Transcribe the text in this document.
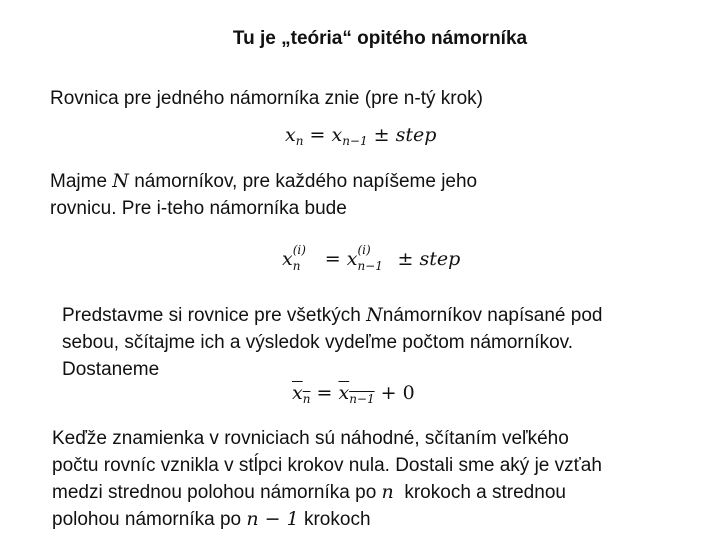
Tu je „teória“ opitého námorníka
Rovnica pre jedného námorníka znie (pre n-tý krok)
$x_n = x_{n-1}$ ± step
Majme N námorníkov, pre každého napíšeme jeho
rovnicu. Pre i-teho námorníka bude
x (i)
n = x (i)
n−1 ± step
Predstavme si rovnice pre všetkých Nnámorníkov napísané pod
sebou, sčítajme ich a výsledok vydeľme počtom námorníkov.
Dostaneme
$x_n = x_{n-1} + 0$
Keďže znamienka v rovniciach sú náhodné, sčítaním veľkého
počtu rovníc vznikla v stĺpci krokov nula. Dostali sme aký je vzťah
medzi strednou polohou námorníka po n  krokoch a strednou
polohou námorníka po n − 1 krokoch
